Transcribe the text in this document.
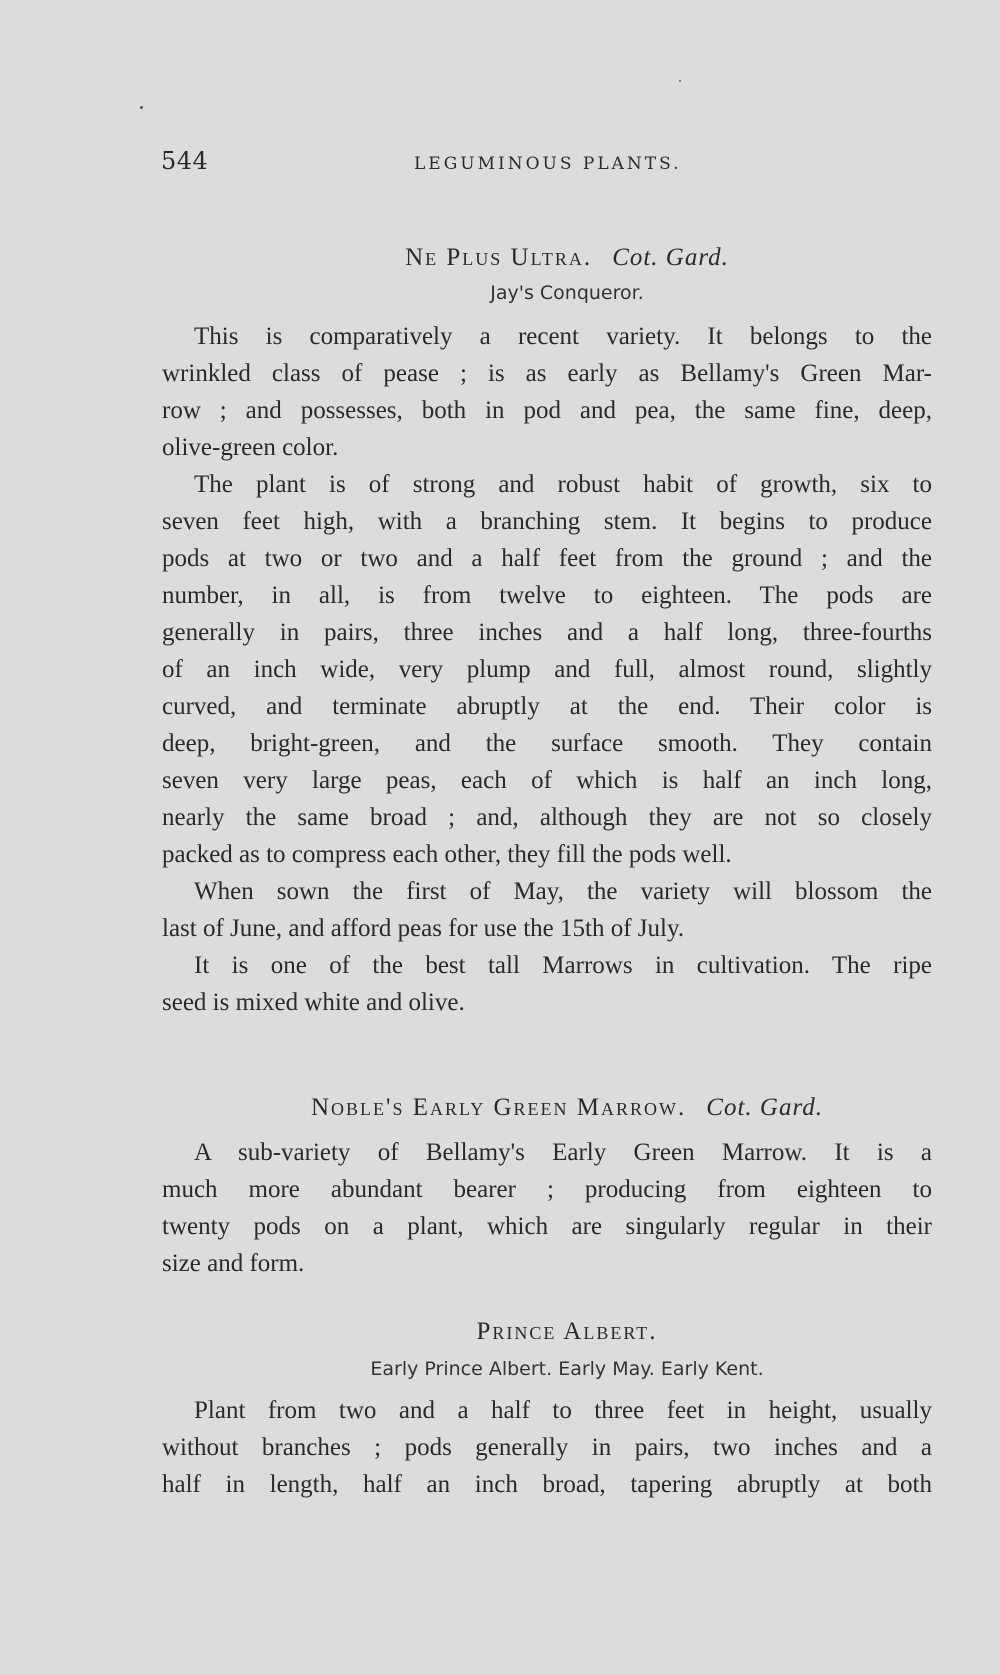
544	LEGUMINOUS PLANTS.

Ne Plus Ultra. Cot. Gard.

Jay's Conqueror.

This is comparatively a recent variety. It belongs to the
wrinkled class of pease ; is as early as Bellamy's Green Mar-
row ; and possesses, both in pod and pea, the same fine, deep,
olive-green color.
The plant is of strong and robust habit of growth, six to
seven feet high, with a branching stem. It begins to produce
pods at two or two and a half feet from the ground ; and the
number, in all, is from twelve to eighteen. The pods are
generally in pairs, three inches and a half long, three-fourths
of an inch wide, very plump and full, almost round, slightly
curved, and terminate abruptly at the end. Their color is
deep, bright-green, and the surface smooth. They contain
seven very large peas, each of which is half an inch long,
nearly the same broad ; and, although they are not so closely
packed as to compress each other, they fill the pods well.
When sown the first of May, the variety will blossom the
last of June, and afford peas for use the 15th of July.
It is one of the best tall Marrows in cultivation. The ripe
seed is mixed white and olive.

Noble's Early Green Marrow. Cot. Gard.

A sub-variety of Bellamy's Early Green Marrow. It is a
much more abundant bearer ; producing from eighteen to
twenty pods on a plant, which are singularly regular in their
size and form.

Prince Albert.

Early Prince Albert. Early May. Early Kent.

Plant from two and a half to three feet in height, usually
without branches ; pods generally in pairs, two inches and a
half in length, half an inch broad, tapering abruptly at both
